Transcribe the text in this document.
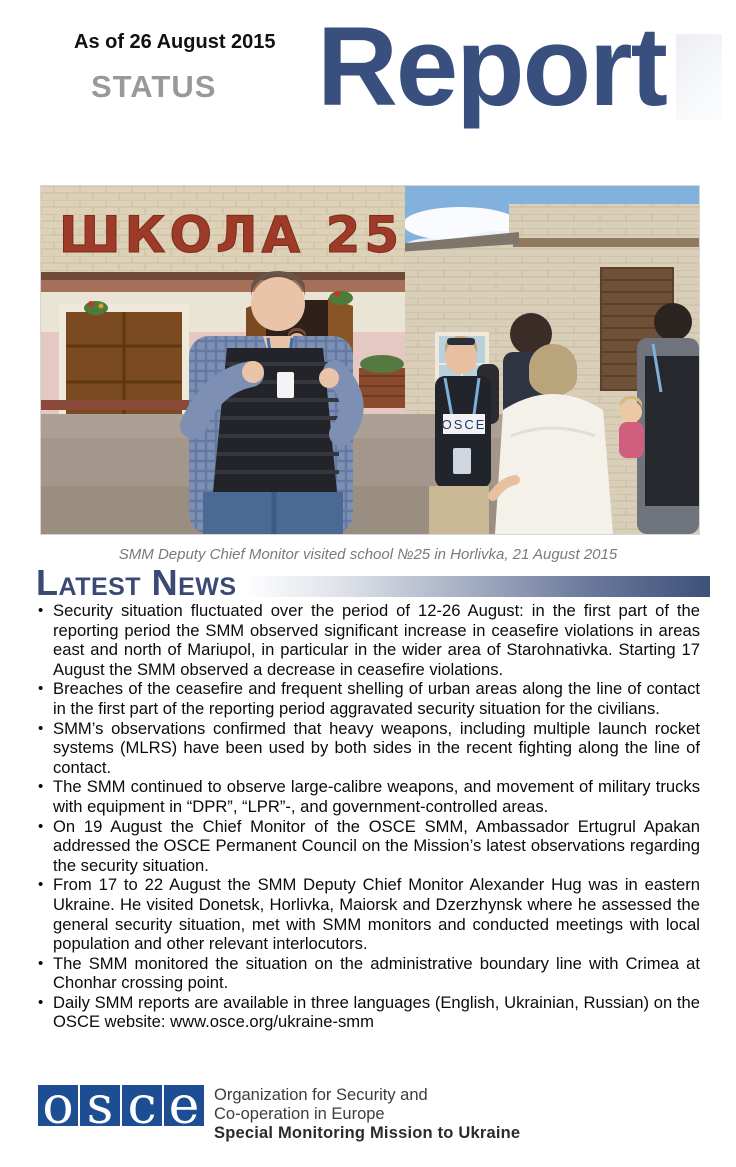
As of 26 August 2015
STATUS Report
ШКОЛА 25
OSCE
SMM Deputy Chief Monitor visited school №25 in Horlivka, 21 August 2015
Latest News
• Security situation fluctuated over the period of 12-26 August: in the first part of the reporting period the SMM observed significant increase in ceasefire violations in areas east and north of Mariupol, in particular in the wider area of Starohnativka. Starting 17 August the SMM observed a decrease in ceasefire violations.
• Breaches of the ceasefire and frequent shelling of urban areas along the line of contact in the first part of the reporting period aggravated security situation for the civilians.
• SMM’s observations confirmed that heavy weapons, including multiple launch rocket systems (MLRS) have been used by both sides in the recent fighting along the line of contact.
• The SMM continued to observe large-calibre weapons, and movement of military trucks with equipment in “DPR”, “LPR”-, and government-controlled areas.
• On 19 August the Chief Monitor of the OSCE SMM, Ambassador Ertugrul Apakan addressed the OSCE Permanent Council on the Mission’s latest observations regarding the security situation.
• From 17 to 22 August the SMM Deputy Chief Monitor Alexander Hug was in eastern Ukraine. He visited Donetsk, Horlivka, Maiorsk and Dzerzhynsk where he assessed the general security situation, met with SMM monitors and conducted meetings with local population and other relevant interlocutors.
• The SMM monitored the situation on the administrative boundary line with Crimea at Chonhar crossing point.
• Daily SMM reports are available in three languages (English, Ukrainian, Russian) on the OSCE website: www.osce.org/ukraine-smm
o s c e Organization for Security and
Co-operation in Europe
Special Monitoring Mission to Ukraine
